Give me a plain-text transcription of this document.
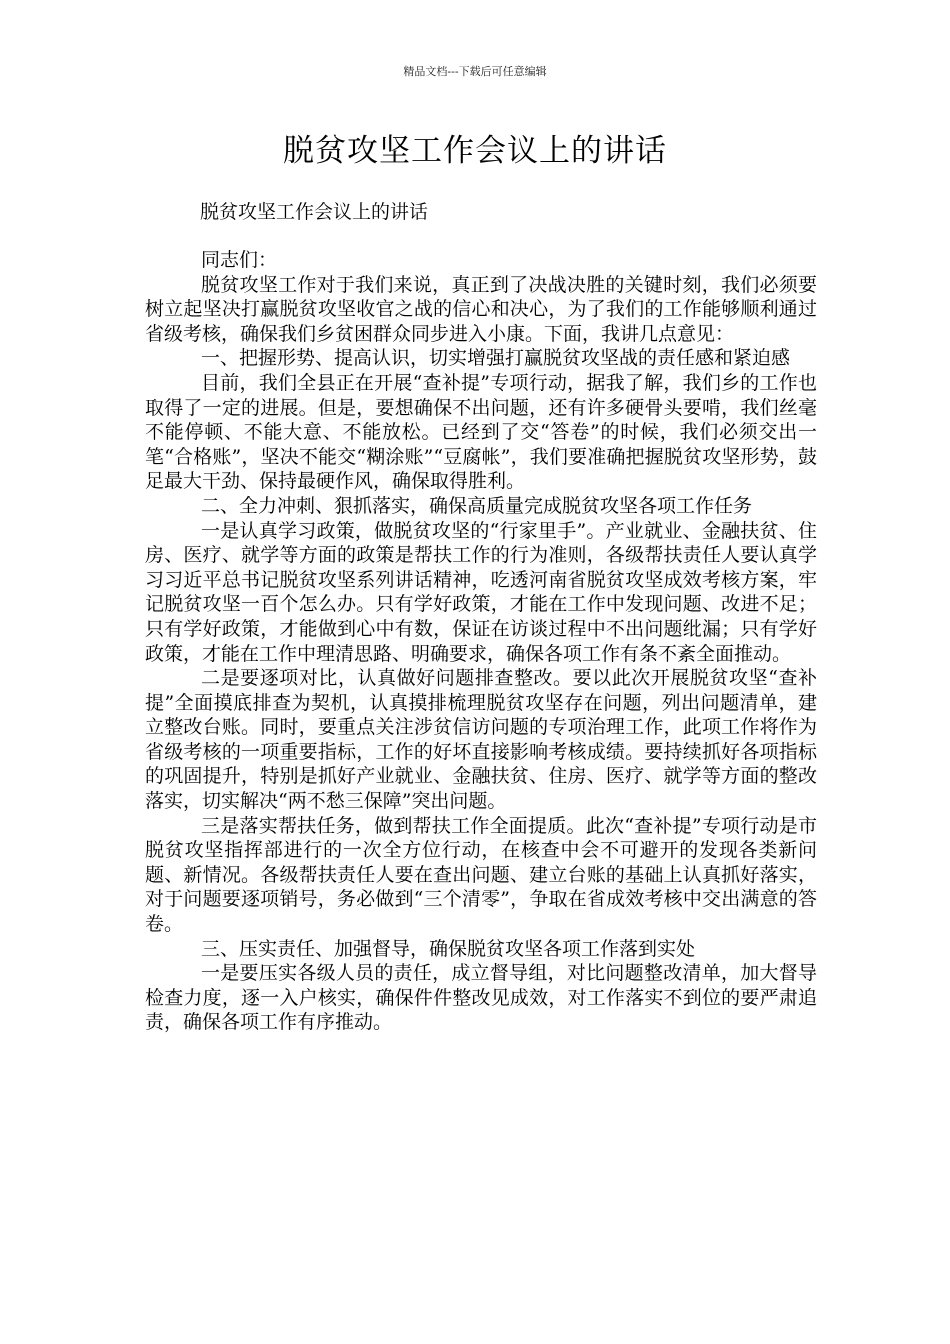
精品文档---下载后可任意编辑
脱贫攻坚工作会议上的讲话
脱贫攻坚工作会议上的讲话

同志们：

脱贫攻坚工作对于我们来说，真正到了决战决胜的关键时刻，我们必须要树立起坚决打赢脱贫攻坚收官之战的信心和决心，为了我们的工作能够顺利通过省级考核，确保我们乡贫困群众同步进入小康。下面，我讲几点意见：

一、把握形势、提高认识，切实增强打赢脱贫攻坚战的责任感和紧迫感

目前，我们全县正在开展“查补提”专项行动，据我了解，我们乡的工作也取得了一定的进展。但是，要想确保不出问题，还有许多硬骨头要啃，我们丝毫不能停顿、不能大意、不能放松。已经到了交“答卷”的时候，我们必须交出一笔“合格账”，坚决不能交“糊涂账”“豆腐帐”，我们要准确把握脱贫攻坚形势，鼓足最大干劲、保持最硬作风，确保取得胜利。

二、全力冲刺、狠抓落实，确保高质量完成脱贫攻坚各项工作任务

一是认真学习政策，做脱贫攻坚的“行家里手”。产业就业、金融扶贫、住房、医疗、就学等方面的政策是帮扶工作的行为准则，各级帮扶责任人要认真学习习近平总书记脱贫攻坚系列讲话精神，吃透河南省脱贫攻坚成效考核方案，牢记脱贫攻坚一百个怎么办。只有学好政策，才能在工作中发现问题、改进不足；只有学好政策，才能做到心中有数，保证在访谈过程中不出问题纰漏；只有学好政策，才能在工作中理清思路、明确要求，确保各项工作有条不紊全面推动。

二是要逐项对比，认真做好问题排查整改。要以此次开展脱贫攻坚“查补提”全面摸底排查为契机，认真摸排梳理脱贫攻坚存在问题，列出问题清单，建立整改台账。同时，要重点关注涉贫信访问题的专项治理工作，此项工作将作为省级考核的一项重要指标，工作的好坏直接影响考核成绩。要持续抓好各项指标的巩固提升，特别是抓好产业就业、金融扶贫、住房、医疗、就学等方面的整改落实，切实解决“两不愁三保障”突出问题。

三是落实帮扶任务，做到帮扶工作全面提质。此次“查补提”专项行动是市脱贫攻坚指挥部进行的一次全方位行动，在核查中会不可避开的发现各类新问题、新情况。各级帮扶责任人要在查出问题、建立台账的基础上认真抓好落实，对于问题要逐项销号，务必做到“三个清零”，争取在省成效考核中交出满意的答卷。

三、压实责任、加强督导，确保脱贫攻坚各项工作落到实处

一是要压实各级人员的责任，成立督导组，对比问题整改清单，加大督导检查力度，逐一入户核实，确保件件整改见成效，对工作落实不到位的要严肃追责，确保各项工作有序推动。
